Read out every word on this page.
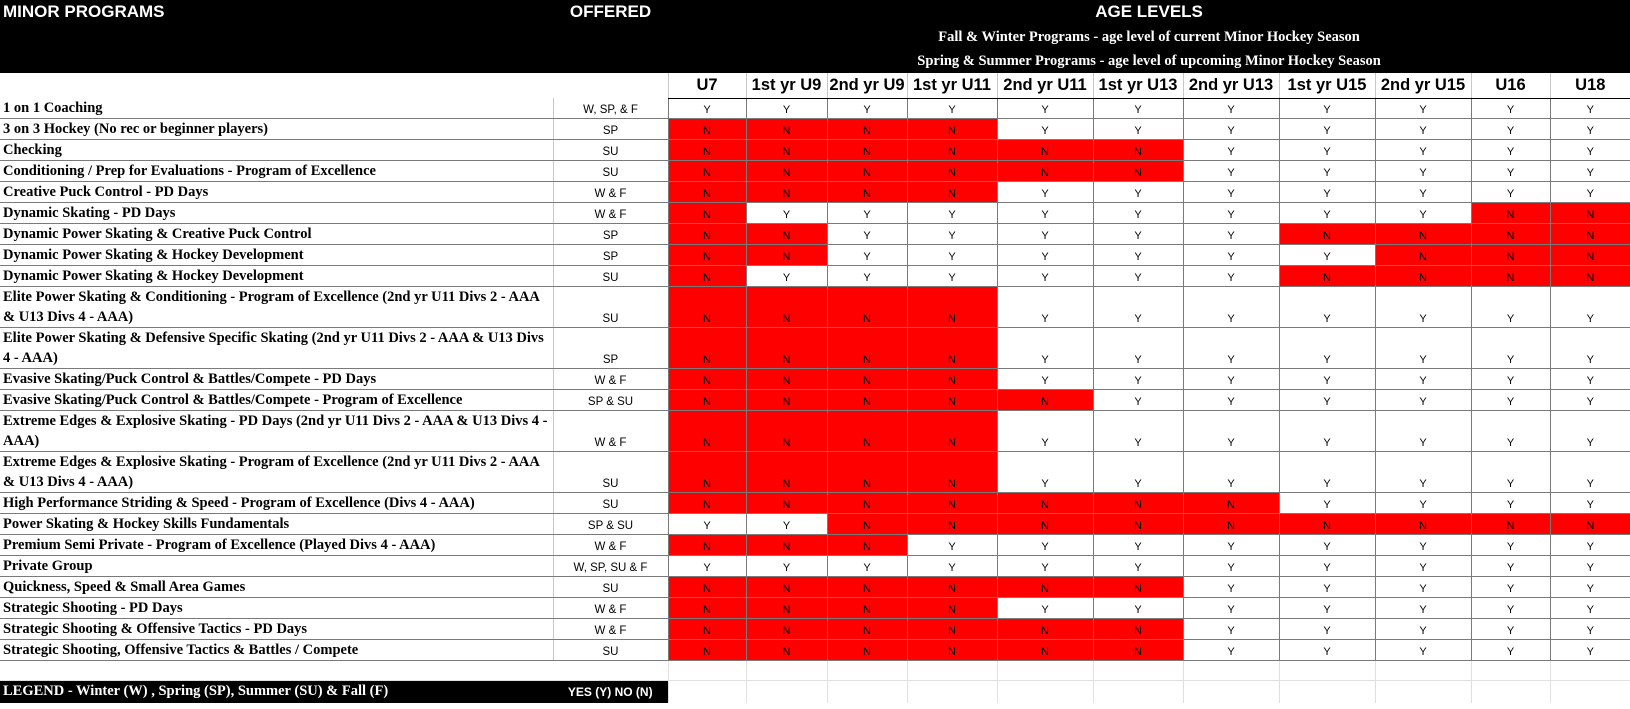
MINOR PROGRAMS	OFFERED	AGE LEVELS										
		Fall & Winter Programs - age level of current Minor Hockey Season										
		Spring & Summer Programs - age level of upcoming Minor Hockey Season										
		U7	1st yr U9	2nd yr U9	1st yr U11	2nd yr U11	1st yr U13	2nd yr U13	1st yr U15	2nd yr U15	U16	U18
1 on 1 Coaching	W, SP, & F	Y	Y	Y	Y	Y	Y	Y	Y	Y	Y	Y
3 on 3 Hockey (No rec or beginner players)	SP	N	N	N	N	Y	Y	Y	Y	Y	Y	Y
Checking	SU	N	N	N	N	N	N	Y	Y	Y	Y	Y
Conditioning / Prep for Evaluations - Program of Excellence	SU	N	N	N	N	N	N	Y	Y	Y	Y	Y
Creative Puck Control - PD Days	W & F	N	N	N	N	Y	Y	Y	Y	Y	Y	Y
Dynamic Skating - PD Days	W & F	N	Y	Y	Y	Y	Y	Y	Y	Y	N	N
Dynamic Power Skating & Creative Puck Control	SP	N	N	Y	Y	Y	Y	Y	N	N	N	N
Dynamic Power Skating & Hockey Development	SP	N	N	Y	Y	Y	Y	Y	Y	N	N	N
Dynamic Power Skating & Hockey Development	SU	N	Y	Y	Y	Y	Y	Y	N	N	N	N
Elite Power Skating & Conditioning - Program of Excellence (2nd yr U11 Divs 2 - AAA & U13 Divs 4 - AAA)	SU	N	N	N	N	Y	Y	Y	Y	Y	Y	Y
Elite Power Skating & Defensive Specific Skating (2nd yr U11 Divs 2 - AAA & U13 Divs 4 - AAA)	SP	N	N	N	N	Y	Y	Y	Y	Y	Y	Y
Evasive Skating/Puck Control & Battles/Compete - PD Days	W & F	N	N	N	N	Y	Y	Y	Y	Y	Y	Y
Evasive Skating/Puck Control & Battles/Compete - Program of Excellence	SP & SU	N	N	N	N	N	Y	Y	Y	Y	Y	Y
Extreme Edges & Explosive Skating - PD Days (2nd yr U11 Divs 2 - AAA & U13 Divs 4 - AAA)	W & F	N	N	N	N	Y	Y	Y	Y	Y	Y	Y
Extreme Edges & Explosive Skating - Program of Excellence (2nd yr U11 Divs 2 - AAA & U13 Divs 4 - AAA)	SU	N	N	N	N	Y	Y	Y	Y	Y	Y	Y
High Performance Striding & Speed - Program of Excellence (Divs 4 - AAA)	SU	N	N	N	N	N	N	N	Y	Y	Y	Y
Power Skating & Hockey Skills Fundamentals	SP & SU	Y	Y	N	N	N	N	N	N	N	N	N
Premium Semi Private - Program of Excellence (Played Divs 4 - AAA)	W & F	N	N	N	Y	Y	Y	Y	Y	Y	Y	Y
Private Group	W, SP, SU & F	Y	Y	Y	Y	Y	Y	Y	Y	Y	Y	Y
Quickness, Speed & Small Area Games	SU	N	N	N	N	N	N	Y	Y	Y	Y	Y
Strategic Shooting - PD Days	W & F	N	N	N	N	Y	Y	Y	Y	Y	Y	Y
Strategic Shooting & Offensive Tactics - PD Days	W & F	N	N	N	N	N	N	Y	Y	Y	Y	Y
Strategic Shooting, Offensive Tactics & Battles / Compete	SU	N	N	N	N	N	N	Y	Y	Y	Y	Y

LEGEND - Winter (W) , Spring (SP), Summer (SU) & Fall (F)	YES (Y) NO (N)											
